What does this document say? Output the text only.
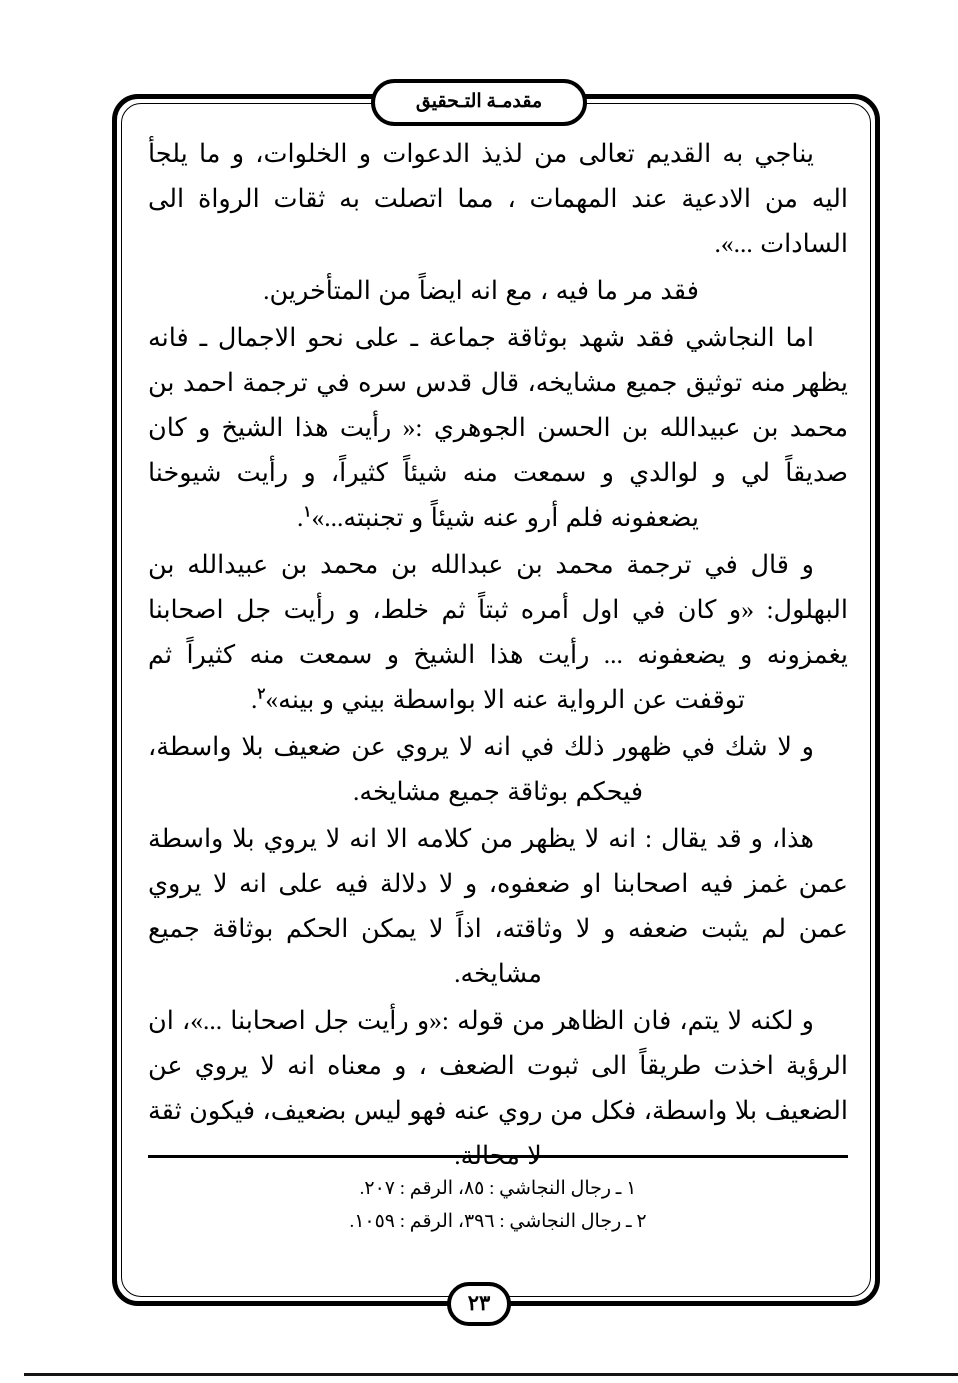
مقدمـة التـحقيق

يناجي به القديم تعالى من لذيذ الدعوات و الخلوات، و ما يلجأ اليه من الادعية عند المهمات ، مما اتصلت به ثقات الرواة الى السادات ...».

فقد مر ما فيه ، مع انه ايضاً من المتأخرين.

اما النجاشي فقد شهد بوثاقة جماعة ـ على نحو الاجمال ـ فانه يظهر منه توثيق جميع مشايخه، قال قدس سره في ترجمة احمد بن محمد بن عبيدالله بن الحسن الجوهري :« رأيت هذا الشيخ و كان صديقاً لي و لوالدي و سمعت منه شيئاً كثيراً، و رأيت شيوخنا يضعفونه فلم أرو عنه شيئاً و تجنبته...»$^١$.

و قال في ترجمة محمد بن عبدالله بن محمد بن عبيدالله بن البهلول: «و كان في اول أمره ثبتاً ثم خلط، و رأيت جل اصحابنا يغمزونه و يضعفونه ... رأيت هذا الشيخ و سمعت منه كثيراً ثم توقفت عن الرواية عنه الا بواسطة بيني و بينه»$^٢$.

و لا شك في ظهور ذلك في انه لا يروي عن ضعيف بلا واسطة، فيحكم بوثاقة جميع مشايخه.

هذا، و قد يقال : انه لا يظهر من كلامه الا انه لا يروي بلا واسطة عمن غمز فيه اصحابنا او ضعفوه، و لا دلالة فيه على انه لا يروي عمن لم يثبت ضعفه و لا وثاقته، اذاً لا يمكن الحكم بوثاقة جميع مشايخه.

و لكنه لا يتم، فان الظاهر من قوله :«و رأيت جل اصحابنا ...»، ان الرؤية اخذت طريقاً الى ثبوت الضعف ، و معناه انه لا يروي عن الضعيف بلا واسطة، فكل من روي عنه فهو ليس بضعيف، فيكون ثقة لا محالة.

١ ـ رجال النجاشي : ٨٥، الرقم : ٢٠٧.

٢ ـ رجال النجاشي : ٣٩٦، الرقم : ١٠٥٩.

٢٣
